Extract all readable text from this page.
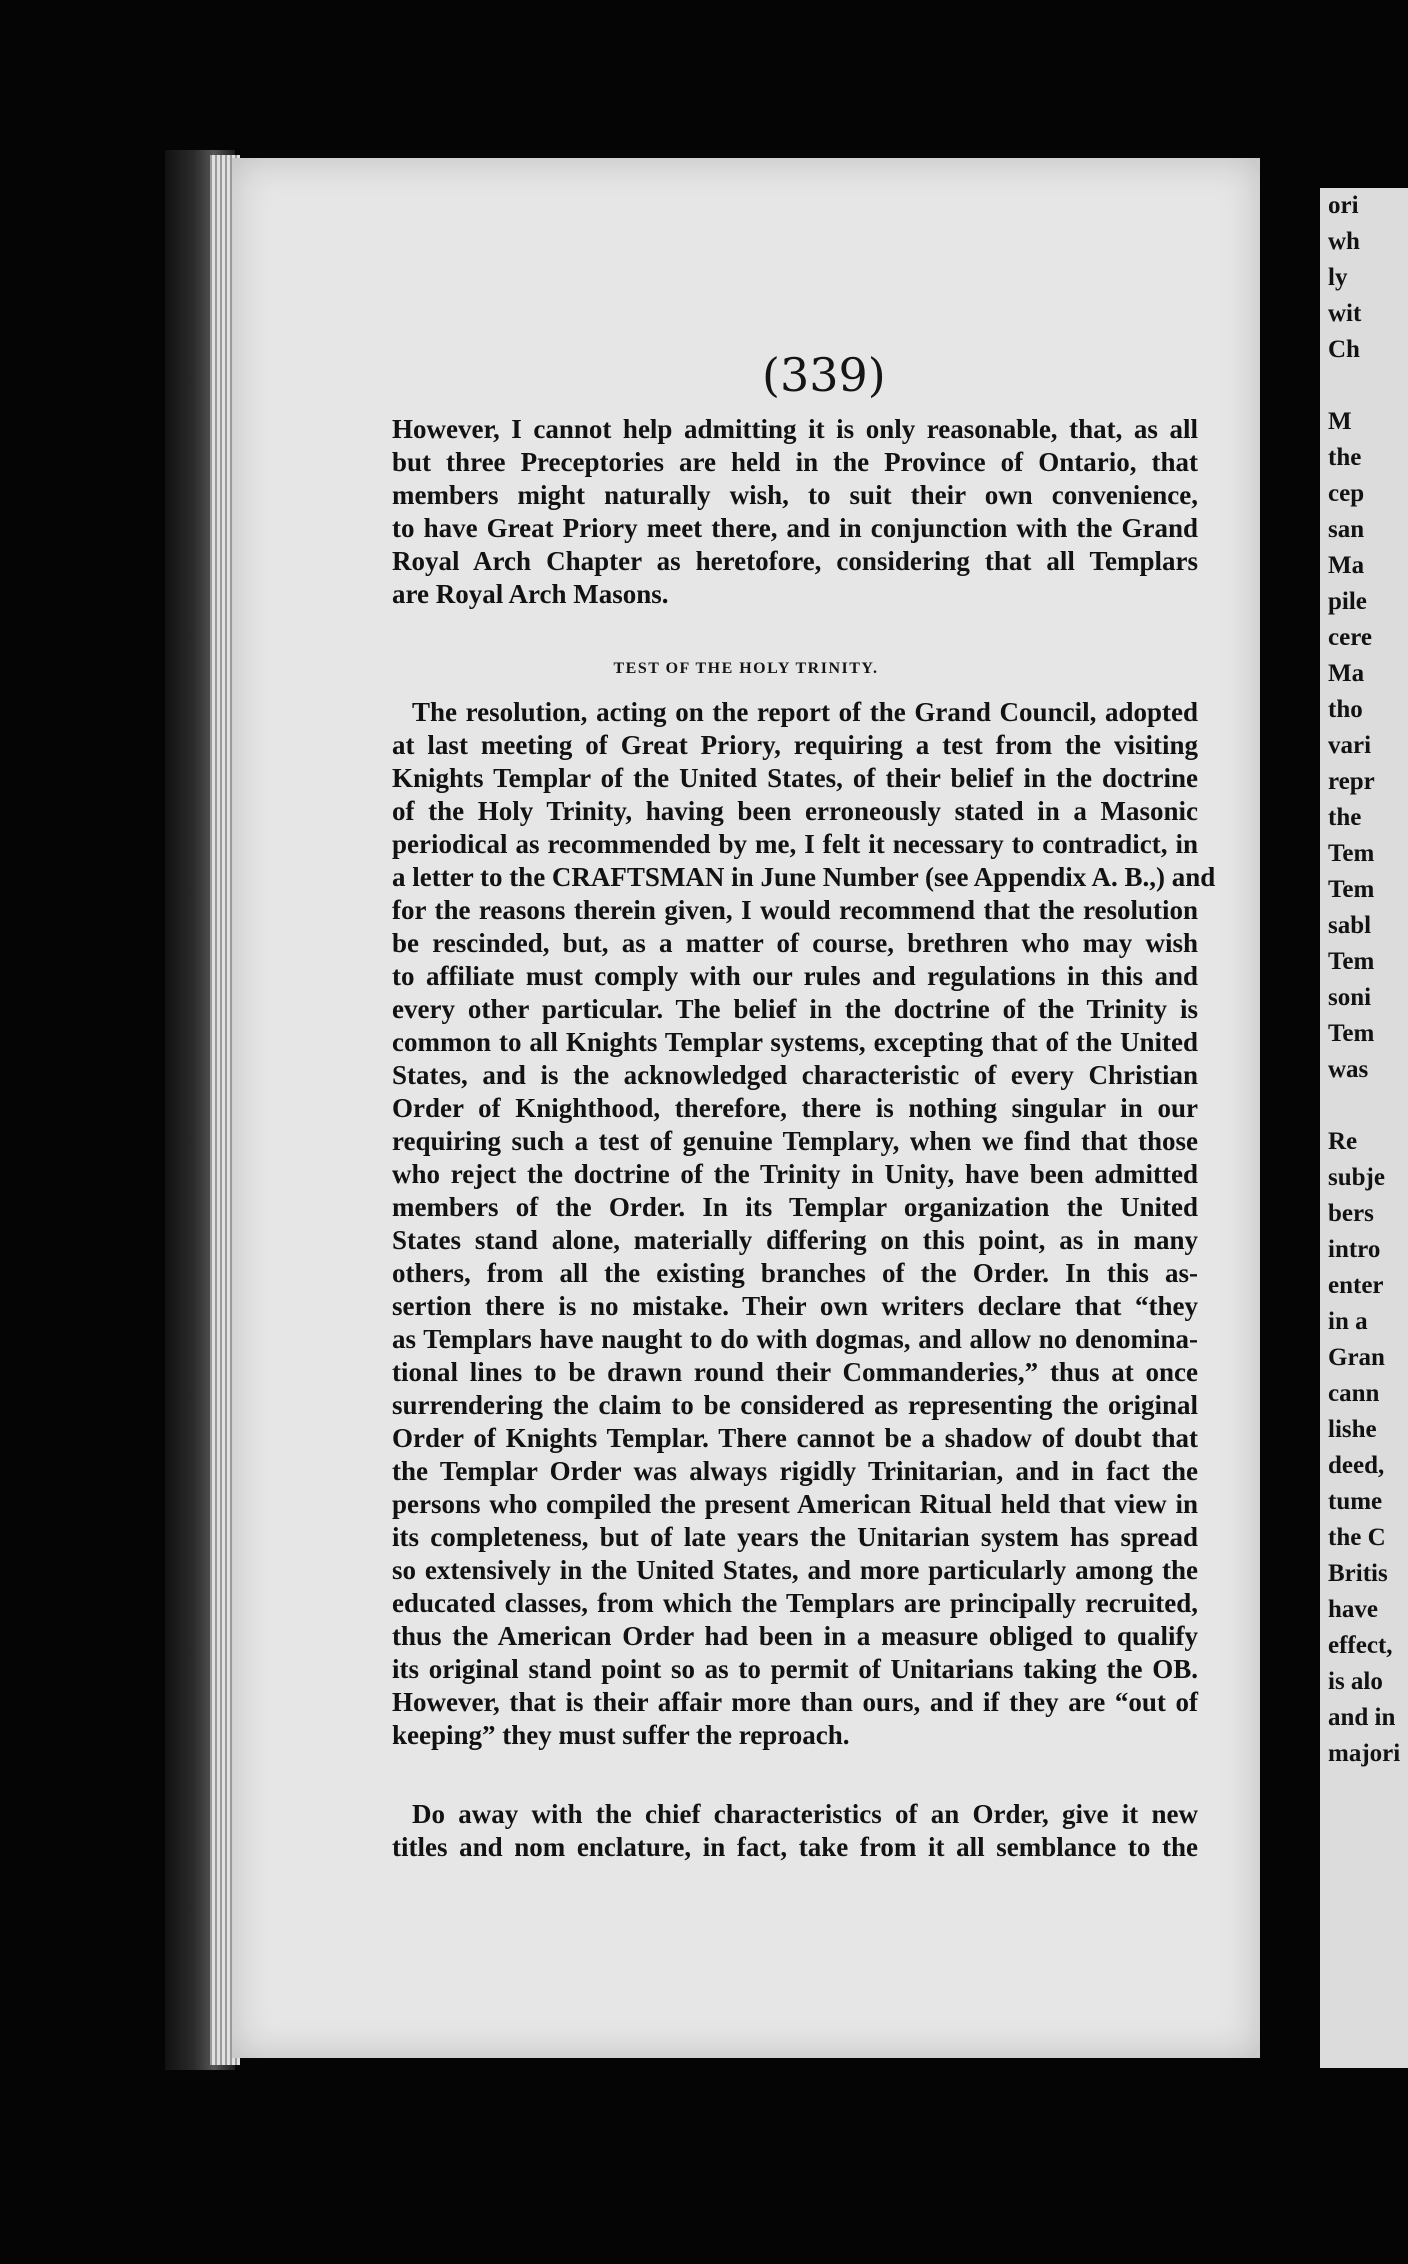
(339)
However, I cannot help admitting it is only reasonable, that, as all
but three Preceptories are held in the Province of Ontario, that
members might naturally wish, to suit their own convenience,
to have Great Priory meet there, and in conjunction with the Grand
Royal Arch Chapter as heretofore, considering that all Templars
are Royal Arch Masons.
TEST OF THE HOLY TRINITY.
The resolution, acting on the report of the Grand Council, adopted
at last meeting of Great Priory, requiring a test from the visiting
Knights Templar of the United States, of their belief in the doctrine
of the Holy Trinity, having been erroneously stated in a Masonic
periodical as recommended by me, I felt it necessary to contradict, in
a letter to the CRAFTSMAN in June Number (see Appendix A. B.,) and
for the reasons therein given, I would recommend that the resolution
be rescinded, but, as a matter of course, brethren who may wish
to affiliate must comply with our rules and regulations in this and
every other particular. The belief in the doctrine of the Trinity is
common to all Knights Templar systems, excepting that of the United
States, and is the acknowledged characteristic of every Christian
Order of Knighthood, therefore, there is nothing singular in our
requiring such a test of genuine Templary, when we find that those
who reject the doctrine of the Trinity in Unity, have been admitted
members of the Order. In its Templar organization the United
States stand alone, materially differing on this point, as in many
others, from all the existing branches of the Order. In this as-
sertion there is no mistake. Their own writers declare that “they
as Templars have naught to do with dogmas, and allow no denomina-
tional lines to be drawn round their Commanderies,” thus at once
surrendering the claim to be considered as representing the original
Order of Knights Templar. There cannot be a shadow of doubt that
the Templar Order was always rigidly Trinitarian, and in fact the
persons who compiled the present American Ritual held that view in
its completeness, but of late years the Unitarian system has spread
so extensively in the United States, and more particularly among the
educated classes, from which the Templars are principally recruited,
thus the American Order had been in a measure obliged to qualify
its original stand point so as to permit of Unitarians taking the OB.
However, that is their affair more than ours, and if they are “out of
keeping” they must suffer the reproach.
Do away with the chief characteristics of an Order, give it new
titles and nom enclature, in fact, take from it all semblance to the
ori
wh
ly
wit
Ch
M
the
cep
san
Ma
pile
cere
Ma
tho
vari
repr
the
Tem
Tem
sabl
Tem
soni
Tem
was
Re
subje
bers
intro
enter
in a
Gran
cann
lishe
deed,
tume
the C
Britis
have
effect,
is alo
and in
majori
